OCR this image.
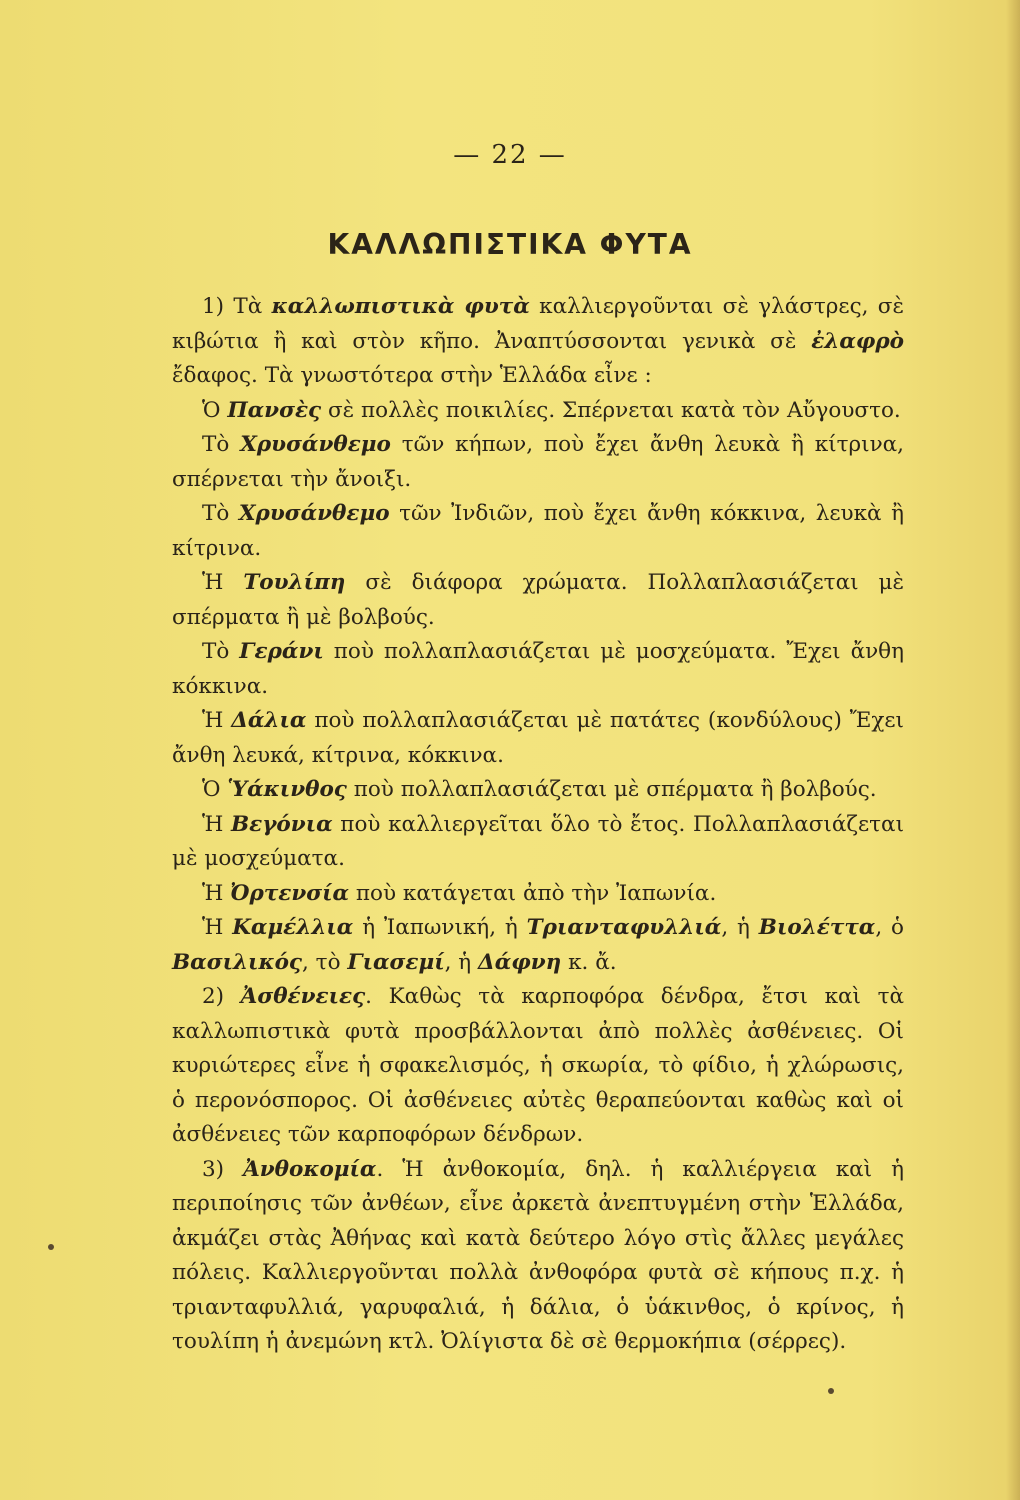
— 22 —
ΚΑΛΛΩΠΙΣΤΙΚΑ ΦΥΤΑ

1) Τὰ καλλωπιστικὰ φυτὰ καλλιεργοῦνται σὲ γλάστρες, σὲ κιβώτια ἢ καὶ στὸν κῆπο. Ἀναπτύσσονται γενικὰ σὲ ἐλαφρὸ ἔδαφος. Τὰ γνωστότερα στὴν Ἑλλάδα εἶνε :

Ὁ Πανσὲς σὲ πολλὲς ποικιλίες. Σπέρνεται κατὰ τὸν Αὔγουστο.

Τὸ Χρυσάνθεμο τῶν κήπων, ποὺ ἔχει ἄνθη λευκὰ ἢ κίτρινα, σπέρνεται τὴν ἄνοιξι.

Τὸ Χρυσάνθεμο τῶν Ἰνδιῶν, ποὺ ἔχει ἄνθη κόκκινα, λευκὰ ἢ κίτρινα.

Ἡ Τουλίπη σὲ διάφορα χρώματα. Πολλαπλασιάζεται μὲ σπέρματα ἢ μὲ βολβούς.

Τὸ Γεράνι ποὺ πολλαπλασιάζεται μὲ μοσχεύματα. Ἔχει ἄνθη κόκκινα.

Ἡ Δάλια ποὺ πολλαπλασιάζεται μὲ πατάτες (κονδύλους) Ἔχει ἄνθη λευκά, κίτρινα, κόκκινα.

Ὁ Ὑάκινθος ποὺ πολλαπλασιάζεται μὲ σπέρματα ἢ βολβούς.

Ἡ Βεγόνια ποὺ καλλιεργεῖται ὅλο τὸ ἔτος. Πολλαπλασιάζεται μὲ μοσχεύματα.

Ἡ Ὀρτενσία ποὺ κατάγεται ἀπὸ τὴν Ἰαπωνία.

Ἡ Καμέλλια ἡ Ἰαπωνική, ἡ Τριανταφυλλιά, ἡ Βιολέττα, ὁ Βασιλικός, τὸ Γιασεμί, ἡ Δάφνη κ. ἄ.

2) Ἀσθένειες. Καθὼς τὰ καρποφόρα δένδρα, ἔτσι καὶ τὰ καλλωπιστικὰ φυτὰ προσβάλλονται ἀπὸ πολλὲς ἀσθένειες. Οἱ κυριώτερες εἶνε ἡ σφακελισμός, ἡ σκωρία, τὸ φίδιο, ἡ χλώρωσις, ὁ περονόσπορος. Οἱ ἀσθένειες αὐτὲς θεραπεύονται καθὼς καὶ οἱ ἀσθένειες τῶν καρποφόρων δένδρων.

3) Ἀνθοκομία. Ἡ ἀνθοκομία, δηλ. ἡ καλλιέργεια καὶ ἡ περιποίησις τῶν ἀνθέων, εἶνε ἀρκετὰ ἀνεπτυγμένη στὴν Ἑλλάδα, ἀκμάζει στὰς Ἀθήνας καὶ κατὰ δεύτερο λόγο στὶς ἄλλες μεγάλες πόλεις. Καλλιεργοῦνται πολλὰ ἀνθοφόρα φυτὰ σὲ κήπους π.χ. ἡ τριανταφυλλιά, γαρυφαλιά, ἡ δάλια, ὁ ὑάκινθος, ὁ κρίνος, ἡ τουλίπη ἡ ἀνεμώνη κτλ. Ὀλίγιστα δὲ σὲ θερμοκήπια (σέρρες).
